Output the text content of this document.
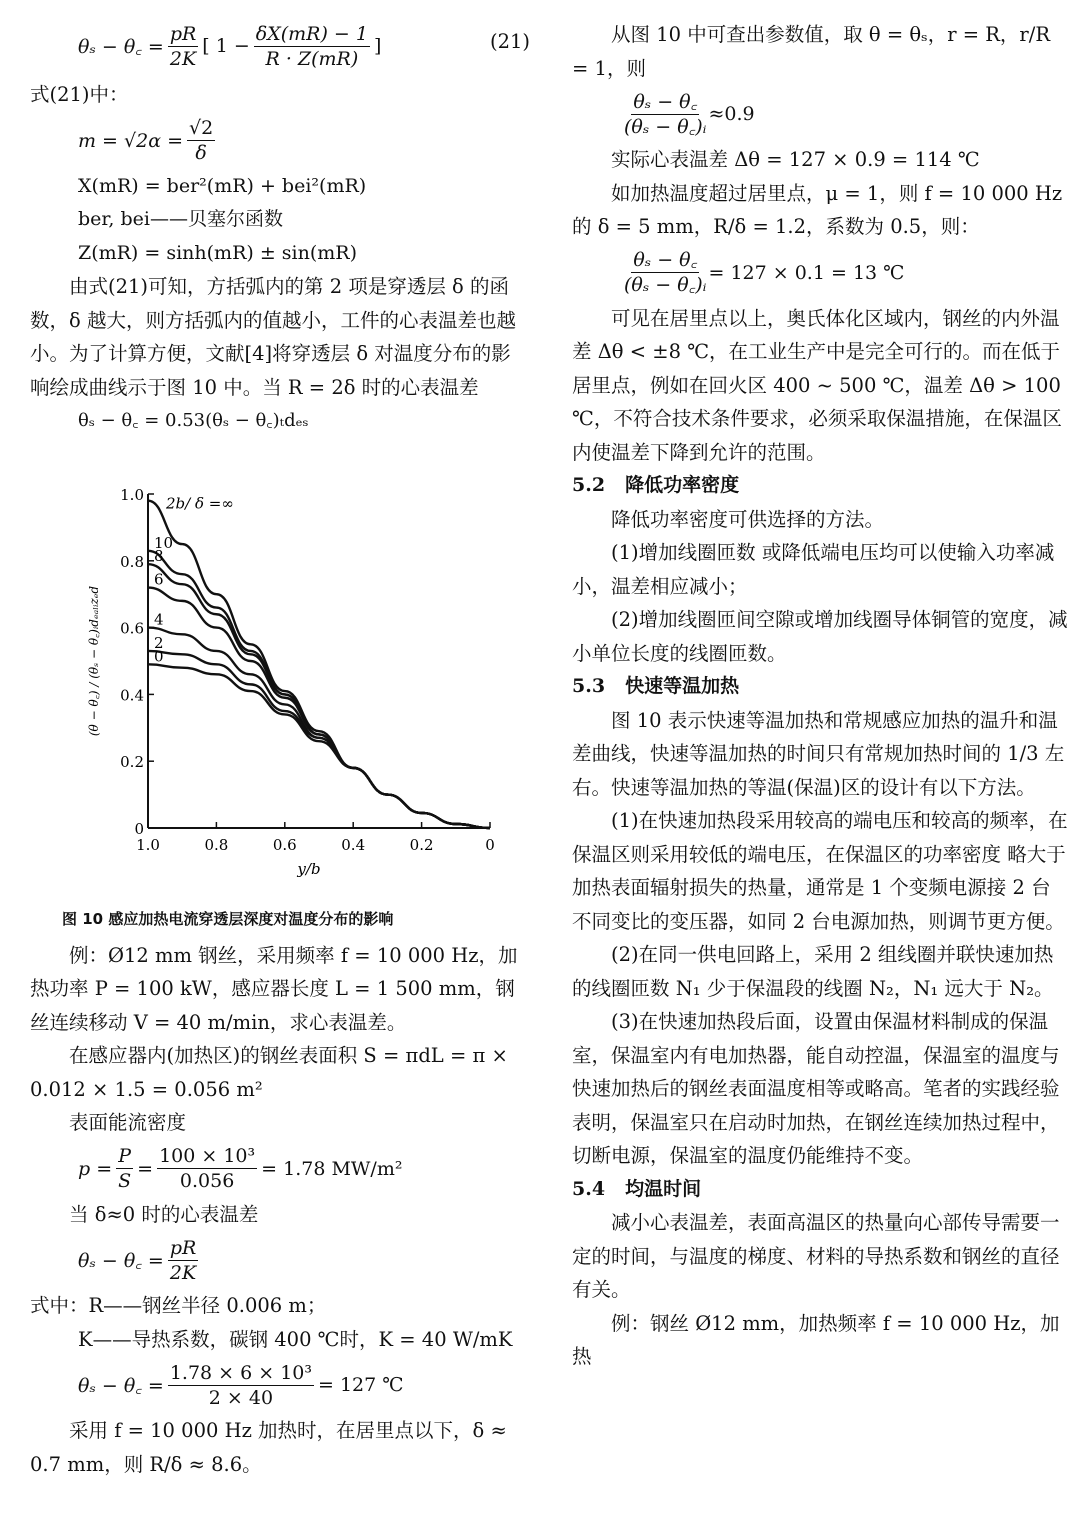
θₛ − θ꜀ = $\frac{pR}{2K}$ [ $1 - \frac{\delta X(mR) - 1}{R \cdot Z(mR)}$ ]	(21)

式(21)中：

$m = √2\alpha = \frac{√2}{\delta}$

X(mR) = ber²(mR) + bei²(mR)

ber, bei——贝塞尔函数

Z(mR) = sinh(mR) ± sin(mR)

由式(21)可知，方括弧内的第 2 项是穿透层 δ 的函数，δ 越大，则方括弧内的值越小，工件的心表温差也越小。为了计算方便，文献[4]将穿透层 δ 对温度分布的影响绘成曲线示于图 10 中。当 R = 2δ 时的心表温差

θₛ − θ꜀ = 0.53(θₛ − θ꜀)ₜdₑₛ

0
0.2
0.4
0.6
0.8
1.0
1.0	0.8	0.6	0.4	0.2	0
y/b
(θ − θ꜀) / (θₛ − θ꜀)ᵢdₑₐₗᵢzₑd
2b/ δ =∞
10
8
6
4
2
0

图 10 感应加热电流穿透层深度对温度分布的影响

例：Ø12 mm 钢丝，采用频率 f = 10 000 Hz，加热功率 P = 100 kW，感应器长度 L = 1 500 mm，钢丝连续移动 V = 40 m/min，求心表温差。

在感应器内(加热区)的钢丝表面积 S = πdL = π × 0.012 × 1.5 = 0.056 m²

表面能流密度

$p = \frac{P}{S} = \frac{\text{100 × 10³}}{0.056} = 1.78$ MW/m²

当 δ≈0 时的心表温差

θₛ − θ꜀ = $\frac{pR}{2K}$

式中：R——钢丝半径 0.006 m；

K——导热系数，碳钢 400 ℃时，K = 40 W/mK

θₛ − θ꜀ = $\frac{\text{1.78 × 6 × 10³}}{2 \times 40} = 127$ ℃

采用 f = 10 000 Hz 加热时，在居里点以下，δ ≈ 0.7 mm，则 R/δ ≈ 8.6。

从图 10 中可查出参数值，取 θ = θₛ，r = R，r/R = 1，则

$\frac{\text{θₛ − θ꜀}}{\text{(θₛ − θ꜀)ᵢ}} \approx 0.9$

实际心表温差 Δθ = 127 × 0.9 = 114 ℃

如加热温度超过居里点，μ = 1，则 f = 10 000 Hz 的 δ = 5 mm，R/δ = 1.2，系数为 0.5，则：

$\frac{\text{θₛ − θ꜀}}{\text{(θₛ − θ꜀)ᵢ}} = 127 \times 0.1 = 13$ ℃

可见在居里点以上，奥氏体化区域内，钢丝的内外温差 Δθ < ±8 ℃，在工业生产中是完全可行的。而在低于居里点，例如在回火区 400 ~ 500 ℃，温差 Δθ > 100 ℃，不符合技术条件要求，必须采取保温措施，在保温区内使温差下降到允许的范围。

5.2 降低功率密度

降低功率密度可供选择的方法。

(1)增加线圈匝数 或降低端电压均可以使输入功率减小，温差相应减小；

(2)增加线圈匝间空隙或增加线圈导体铜管的宽度，减小单位长度的线圈匝数。

5.3 快速等温加热

图 10 表示快速等温加热和常规感应加热的温升和温差曲线，快速等温加热的时间只有常规加热时间的 1/3 左右。快速等温加热的等温(保温)区的设计有以下方法。

(1)在快速加热段采用较高的端电压和较高的频率，在保温区则采用较低的端电压，在保温区的功率密度 略大于加热表面辐射损失的热量，通常是 1 个变频电源接 2 台不同变比的变压器，如同 2 台电源加热，则调节更方便。

(2)在同一供电回路上，采用 2 组线圈并联快速加热的线圈匝数 N₁ 少于保温段的线圈 N₂，N₁ 远大于 N₂。

(3)在快速加热段后面，设置由保温材料制成的保温室，保温室内有电加热器，能自动控温，保温室的温度与快速加热后的钢丝表面温度相等或略高。笔者的实践经验表明，保温室只在启动时加热，在钢丝连续加热过程中，切断电源，保温室的温度仍能维持不变。

5.4 均温时间

减小心表温差，表面高温区的热量向心部传导需要一定的时间，与温度的梯度、材料的导热系数和钢丝的直径有关。

例：钢丝 Ø12 mm，加热频率 f = 10 000 Hz，加热
